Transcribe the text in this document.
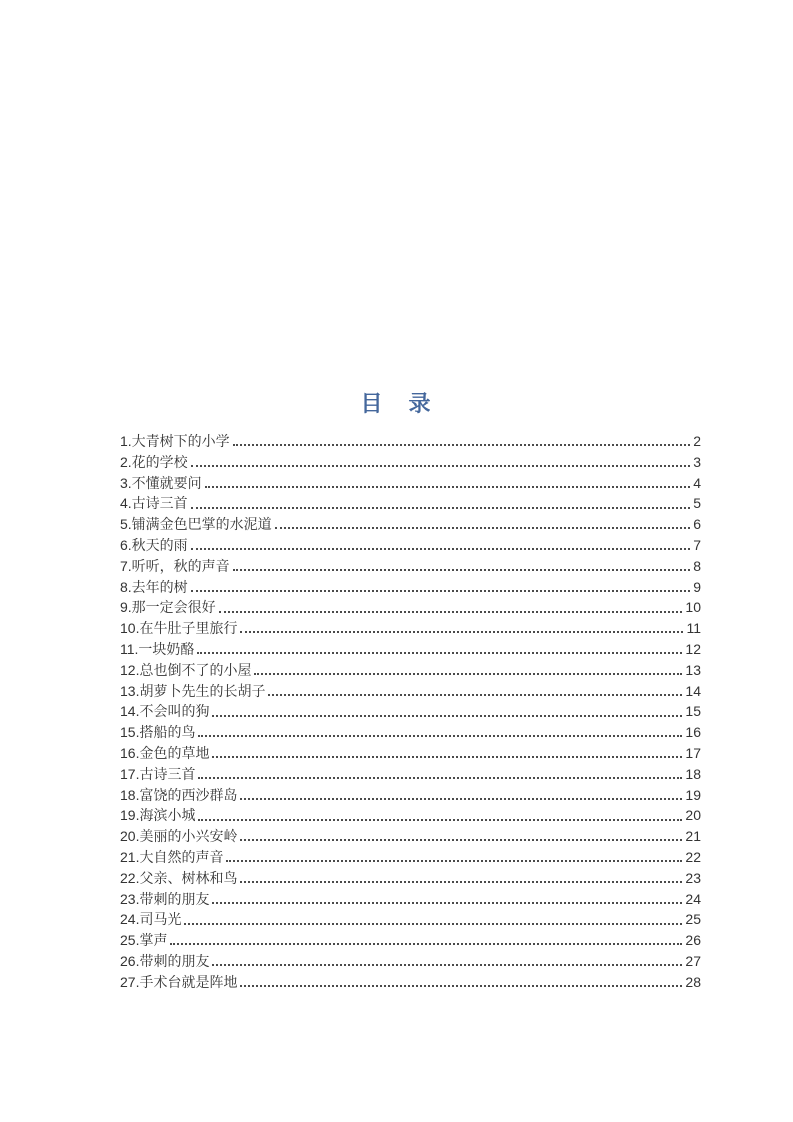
目　录
1.大青树下的小学	2
2.花的学校	3
3.不懂就要问	4
4.古诗三首	5
5.铺满金色巴掌的水泥道	6
6.秋天的雨	7
7.听听，秋的声音	8
8.去年的树	9
9.那一定会很好	10
10.在牛肚子里旅行	11
11.一块奶酪	12
12.总也倒不了的小屋	13
13.胡萝卜先生的长胡子	14
14.不会叫的狗	15
15.搭船的鸟	16
16.金色的草地	17
17.古诗三首	18
18.富饶的西沙群岛	19
19.海滨小城	20
20.美丽的小兴安岭	21
21.大自然的声音	22
22.父亲、树林和鸟	23
23.带刺的朋友	24
24.司马光	25
25.掌声	26
26.带刺的朋友	27
27.手术台就是阵地	28
